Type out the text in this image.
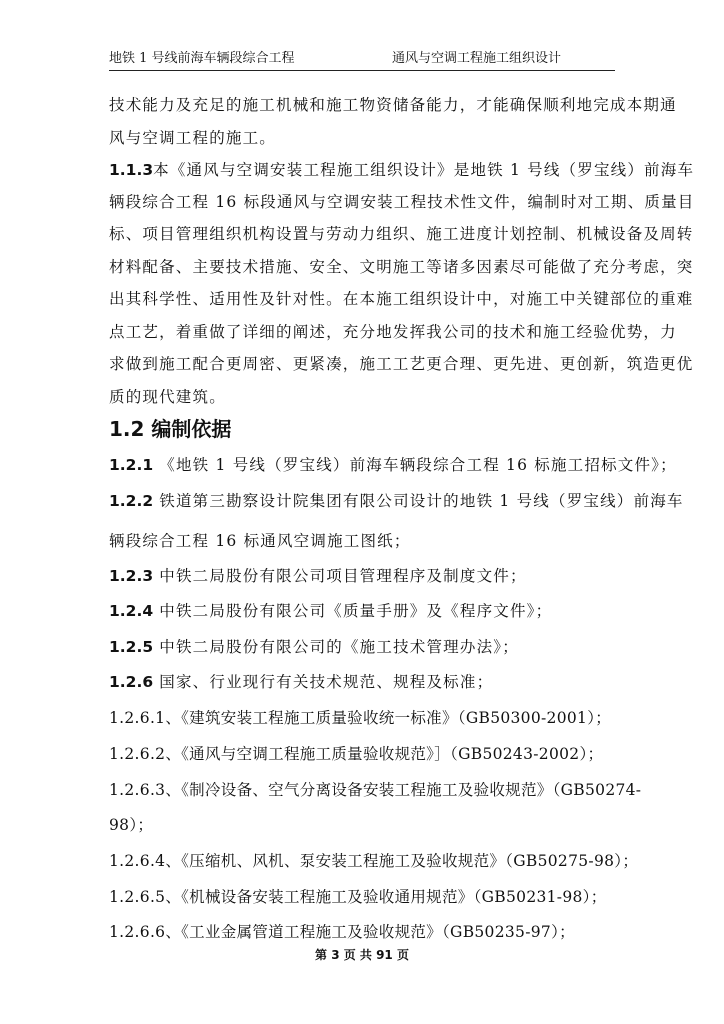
地铁 1 号线前海车辆段综合工程	通风与空调工程施工组织设计
技术能力及充足的施工机械和施工物资储备能力，才能确保顺利地完成本期通
风与空调工程的施工。
1.1.3本《通风与空调安装工程施工组织设计》是地铁 1 号线（罗宝线）前海车
辆段综合工程 16 标段通风与空调安装工程技术性文件，编制时对工期、质量目
标、项目管理组织机构设置与劳动力组织、施工进度计划控制、机械设备及周转
材料配备、主要技术措施、安全、文明施工等诸多因素尽可能做了充分考虑，突
出其科学性、适用性及针对性。在本施工组织设计中，对施工中关键部位的重难
点工艺，着重做了详细的阐述，充分地发挥我公司的技术和施工经验优势，力
求做到施工配合更周密、更紧凑，施工工艺更合理、更先进、更创新，筑造更优
质的现代建筑。
1.2 编制依据
1.2.1 《地铁 1 号线（罗宝线）前海车辆段综合工程 16 标施工招标文件》；
1.2.2 铁道第三勘察设计院集团有限公司设计的地铁 1 号线（罗宝线）前海车
辆段综合工程 16 标通风空调施工图纸；
1.2.3 中铁二局股份有限公司项目管理程序及制度文件；
1.2.4 中铁二局股份有限公司《质量手册》及《程序文件》；
1.2.5 中铁二局股份有限公司的《施工技术管理办法》；
1.2.6 国家、行业现行有关技术规范、规程及标准；
1.2.6.1、《建筑安装工程施工质量验收统一标准》（GB50300-2001）；
1.2.6.2、《通风与空调工程施工质量验收规范》］（GB50243-2002）；
1.2.6.3、《制冷设备、空气分离设备安装工程施工及验收规范》（GB50274-
98）；
1.2.6.4、《压缩机、风机、泵安装工程施工及验收规范》（GB50275-98）；
1.2.6.5、《机械设备安装工程施工及验收通用规范》（GB50231-98）；
1.2.6.6、《工业金属管道工程施工及验收规范》（GB50235-97）；
第 3 页 共 91 页
